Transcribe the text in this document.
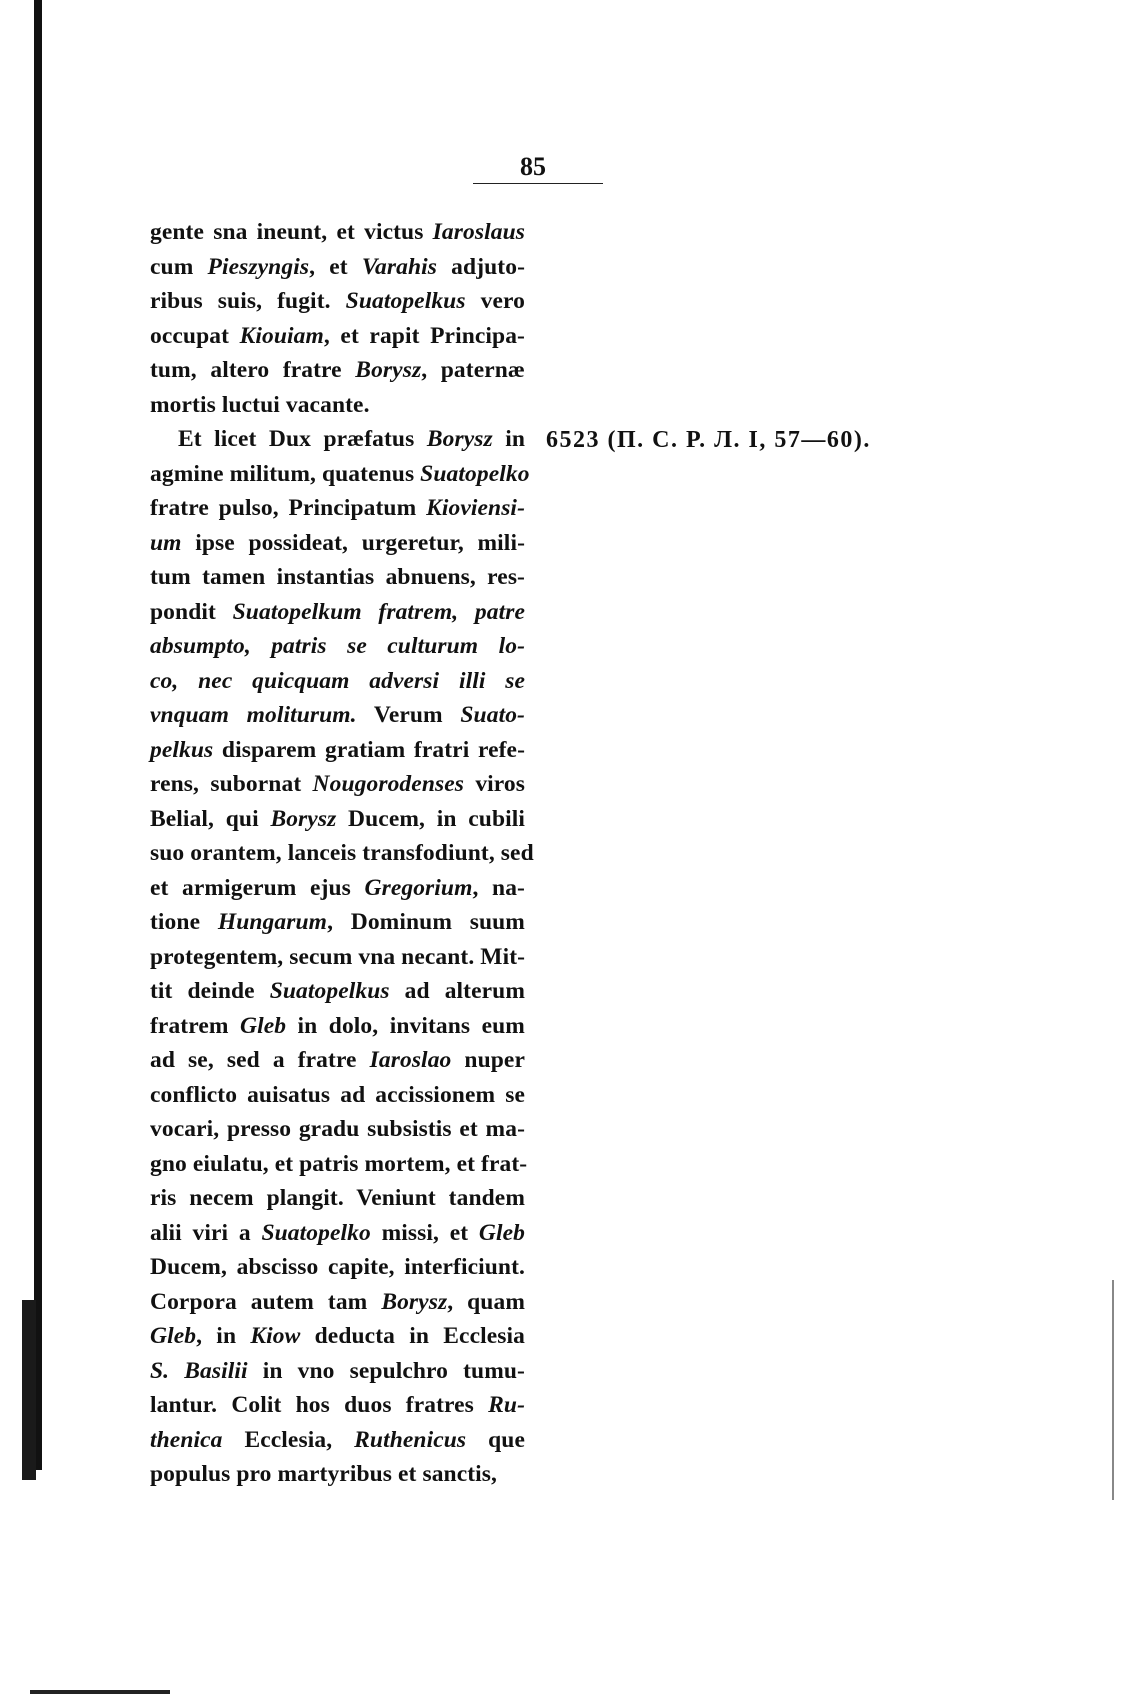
85
gente sna ineunt, et victus Iaroslaus
cum Pieszyngis, et Varahis adjuto-
ribus suis, fugit. Suatopelkus vero
occupat Kiouiam, et rapit Principa-
tum, altero fratre Borysz, paternæ
mortis luctui vacante.
Et licet Dux præfatus Borysz in
agmine militum, quatenus Suatopelko
fratre pulso, Principatum Kioviensi-
um ipse possideat, urgeretur, mili-
tum tamen instantias abnuens, res-
pondit Suatopelkum fratrem, patre
absumpto, patris se culturum lo-
co, nec quicquam adversi illi se
vnquam moliturum. Verum Suato-
pelkus disparem gratiam fratri refe-
rens, subornat Nougorodenses viros
Belial, qui Borysz Ducem, in cubili
suo orantem, lanceis transfodiunt, sed
et armigerum ejus Gregorium, na-
tione Hungarum, Dominum suum
protegentem, secum vna necant. Mit-
tit deinde Suatopelkus ad alterum
fratrem Gleb in dolo, invitans eum
ad se, sed a fratre Iaroslao nuper
conflicto auisatus ad accissionem se
vocari, presso gradu subsistis et ma-
gno eiulatu, et patris mortem, et frat-
ris necem plangit. Veniunt tandem
alii viri a Suatopelko missi, et Gleb
Ducem, abscisso capite, interficiunt.
Corpora autem tam Borysz, quam
Gleb, in Kiow deducta in Ecclesia
S. Basilii in vno sepulchro tumu-
lantur. Colit hos duos fratres Ru-
thenica Ecclesia, Ruthenicus que
populus pro martyribus et sanctis,
6523 (П. С. Р. Л. I, 57—60).
